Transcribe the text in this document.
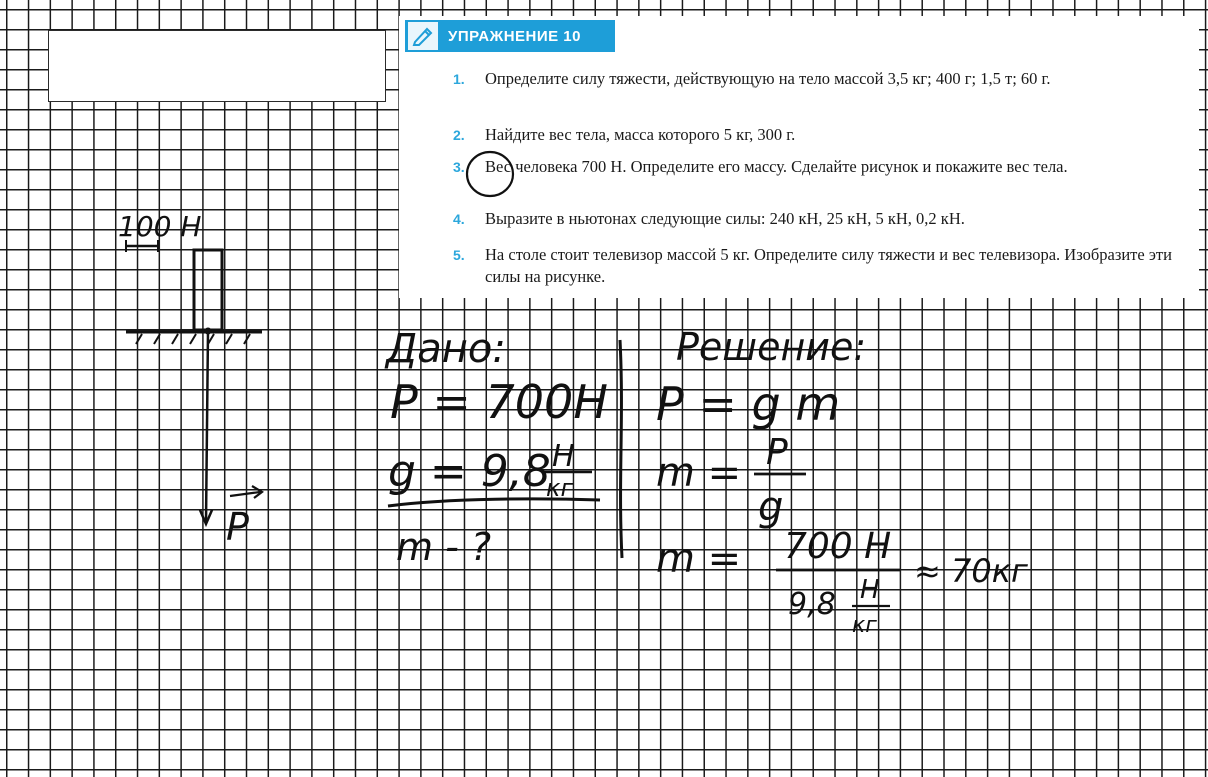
УПРАЖНЕНИЕ 10
1. Определите силу тяжести, действующую на тело массой 3,5 кг; 400 г; 1,5 т; 60 г.
2. Найдите вес тела, масса которого 5 кг, 300 г.
3. Вес человека 700 Н. Определите его массу. Сделайте рисунок и покажите вес тела.
4. Выразите в ньютонах следующие силы: 240 кН, 25 кН, 5 кН, 0,2 кН.
5. На столе стоит телевизор массой 5 кг. Определите силу тяжести и вес телевизора. Изобразите эти силы на рисунке.
100 Н
P
Дано:
P = 700H
g = 9,8 H
кг
m - ?
Решение:
P = g m
m = P
g
m = 700 H
9,8 H
кг
≈ 70кг
